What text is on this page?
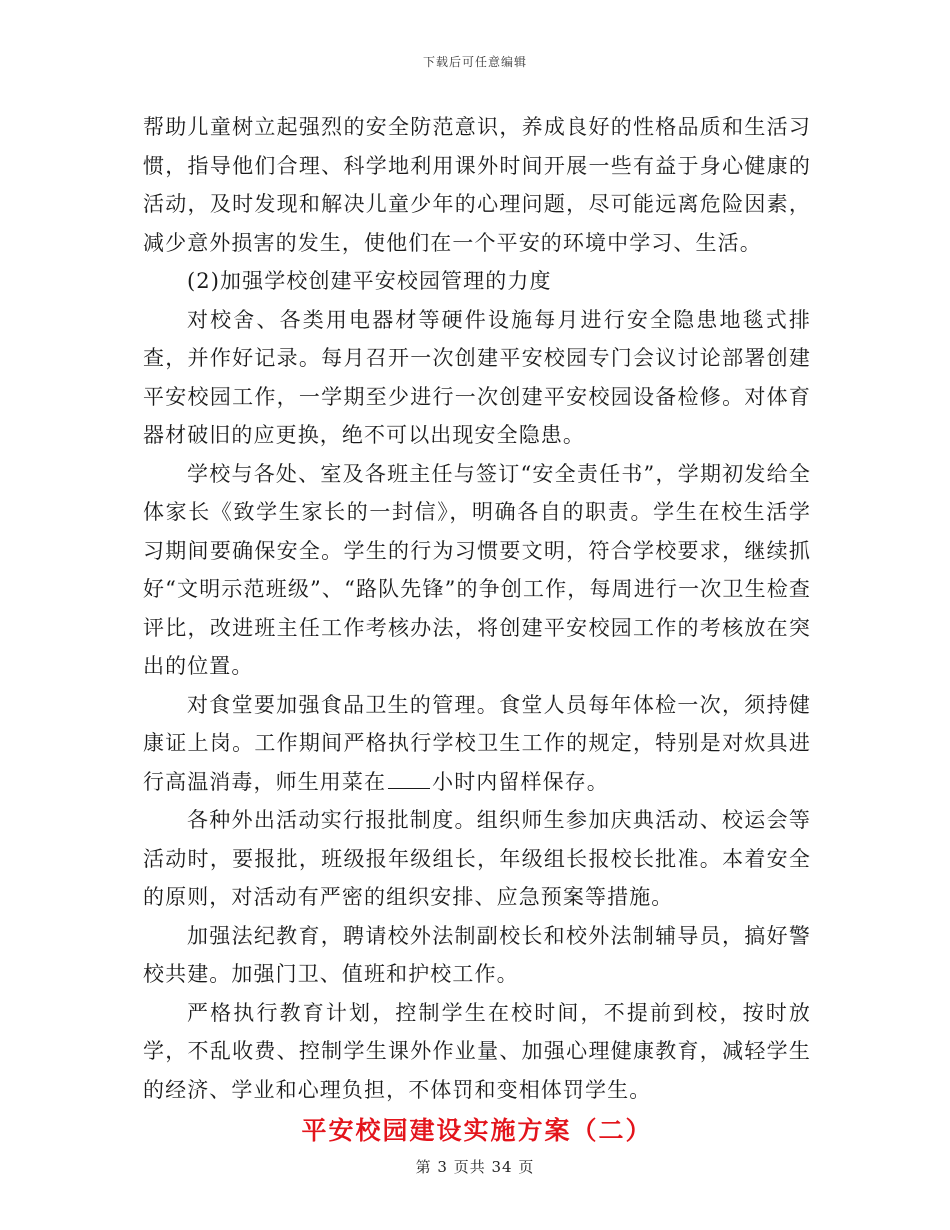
下载后可任意编辑

帮助儿童树立起强烈的安全防范意识，养成良好的性格品质和生活习惯，指导他们合理、科学地利用课外时间开展一些有益于身心健康的活动，及时发现和解决儿童少年的心理问题，尽可能远离危险因素，减少意外损害的发生，使他们在一个平安的环境中学习、生活。

(2)加强学校创建平安校园管理的力度

对校舍、各类用电器材等硬件设施每月进行安全隐患地毯式排查，并作好记录。每月召开一次创建平安校园专门会议讨论部署创建平安校园工作，一学期至少进行一次创建平安校园设备检修。对体育器材破旧的应更换，绝不可以出现安全隐患。

学校与各处、室及各班主任与签订“安全责任书”，学期初发给全体家长《致学生家长的一封信》，明确各自的职责。学生在校生活学习期间要确保安全。学生的行为习惯要文明，符合学校要求，继续抓好“文明示范班级”、“路队先锋”的争创工作，每周进行一次卫生检查评比，改进班主任工作考核办法，将创建平安校园工作的考核放在突出的位置。

对食堂要加强食品卫生的管理。食堂人员每年体检一次，须持健康证上岗。工作期间严格执行学校卫生工作的规定，特别是对炊具进行高温消毒，师生用菜在 小时内留样保存。

各种外出活动实行报批制度。组织师生参加庆典活动、校运会等活动时，要报批，班级报年级组长，年级组长报校长批准。本着安全的原则，对活动有严密的组织安排、应急预案等措施。

加强法纪教育，聘请校外法制副校长和校外法制辅导员，搞好警校共建。加强门卫、值班和护校工作。

严格执行教育计划，控制学生在校时间，不提前到校，按时放学，不乱收费、控制学生课外作业量、加强心理健康教育，减轻学生的经济、学业和心理负担，不体罚和变相体罚学生。

平安校园建设实施方案（二）

第 3 页共 34 页
